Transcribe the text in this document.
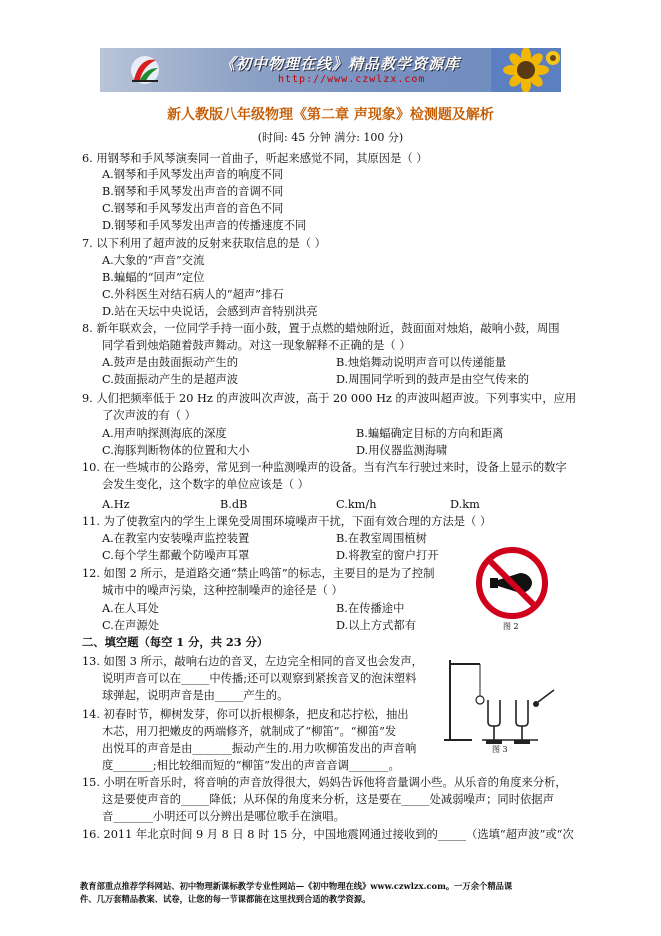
《初中物理在线》精品教学资源库
http://www.czwlzx.com
新人教版八年级物理《第二章 声现象》检测题及解析
(时间: 45 分钟 满分: 100 分)
6. 用钢琴和手风琴演奏同一首曲子，听起来感觉不同，其原因是（ ）
A.钢琴和手风琴发出声音的响度不同
B.钢琴和手风琴发出声音的音调不同
C.钢琴和手风琴发出声音的音色不同
D.钢琴和手风琴发出声音的传播速度不同
7. 以下利用了超声波的反射来获取信息的是（ ）
A.大象的“声音”交流
B.蝙蝠的“回声”定位
C.外科医生对结石病人的“超声”排石
D.站在天坛中央说话，会感到声音特别洪亮
8. 新年联欢会，一位同学手持一面小鼓，置于点燃的蜡烛附近，鼓面面对烛焰，敲响小鼓，周围
同学看到烛焰随着鼓声舞动。对这一现象解释不正确的是（ ）
A.鼓声是由鼓面振动产生的	B.烛焰舞动说明声音可以传递能量
C.鼓面振动产生的是超声波	D.周围同学听到的鼓声是由空气传来的
9. 人们把频率低于 20 Hz 的声波叫次声波，高于 20 000 Hz 的声波叫超声波。下列事实中，应用
了次声波的有（ ）
A.用声呐探测海底的深度	B.蝙蝠确定目标的方向和距离
C.海豚判断物体的位置和大小	D.用仪器监测海啸
10. 在一些城市的公路旁，常见到一种监测噪声的设备。当有汽车行驶过来时，设备上显示的数字
会发生变化，这个数字的单位应该是（ ）
A.Hz	B.dB	C.km/h	D.km
11. 为了使教室内的学生上课免受周围环境噪声干扰，下面有效合理的方法是（ ）
A.在教室内安装噪声监控装置	B.在教室周围植树
C.每个学生都戴个防噪声耳罩	D.将教室的窗户打开
12. 如图 2 所示，是道路交通“禁止鸣笛”的标志，主要目的是为了控制
城市中的噪声污染，这种控制噪声的途径是（ ）
A.在人耳处	B.在传播途中
C.在声源处	D.以上方式都有
二、填空题（每空 1 分，共 23 分）
13. 如图 3 所示，敲响右边的音叉，左边完全相同的音叉也会发声，
说明声音可以在_____中传播;还可以观察到紧挨音叉的泡沫塑料
球弹起，说明声音是由_____产生的。
14. 初春时节，柳树发芽，你可以折根柳条，把皮和芯拧松，抽出
木芯，用刀把嫩皮的两端修齐，就制成了“柳笛”。“柳笛”发
出悦耳的声音是由_______振动产生的.用力吹柳笛发出的声音响
度_______;相比较细而短的“柳笛”发出的声音音调_______。
15. 小明在听音乐时，将音响的声音放得很大，妈妈告诉他将音量调小些。从乐音的角度来分析，
这是要使声音的_____降低；从环保的角度来分析，这是要在_____处减弱噪声；同时依据声
音_______小明还可以分辨出是哪位歌手在演唱。
16. 2011 年北京时间 9 月 8 日 8 时 15 分，中国地震网通过接收到的_____（选填“超声波”或“次
图 2
图 3
教育部重点推荐学科网站、初中物理新课标教学专业性网站—《初中物理在线》www.czwlzx.com。一万余个精品课
件、几万套精品教案、试卷，让您的每一节课都能在这里找到合适的教学资源。
